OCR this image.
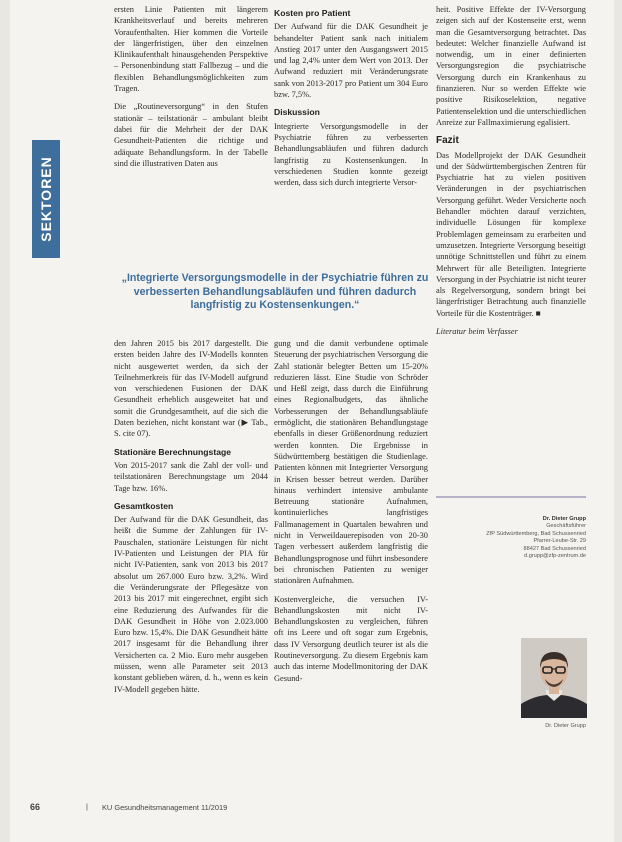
SEKTOREN

ersten Linie Patienten mit längerem Krankheitsverlauf und bereits mehreren Voraufenthalten. Hier kommen die Vorteile der längerfristigen, über den einzelnen Klinikaufenthalt hinausgehenden Perspektive – Personenbindung statt Fallbezug – und die flexiblen Behandlungsmöglichkeiten zum Tragen.

Die „Routineversorgung“ in den Stufen stationär – teilstationär – ambulant bleibt dabei für die Mehrheit der der DAK Gesundheit-Patienten die richtige und adäquate Behandlungsform. In der Tabelle sind die illustrativen Daten aus

Kosten pro Patient

Der Aufwand für die DAK Gesundheit je behandelter Patient sank nach initialem Anstieg 2017 unter den Ausgangswert 2015 und lag 2,4% unter dem Wert von 2013. Der Aufwand reduziert mit Veränderungsrate sank von 2013-2017 pro Patient um 304 Euro bzw. 7,5%.

Diskussion

Integrierte Versorgungsmodelle in der Psychiatrie führen zu verbesserten Behandlungsabläufen und führen dadurch langfristig zu Kostensenkungen. In verschiedenen Studien konnte gezeigt werden, dass sich durch integrierte Versor-

„Integrierte Versorgungsmodelle in der Psychiatrie führen zu verbesserten Behandlungsabläufen und führen dadurch langfristig zu Kostensenkungen.“

den Jahren 2015 bis 2017 dargestellt. Die ersten beiden Jahre des IV-Modells konnten nicht ausgewertet werden, da sich der Teilnehmerkreis für das IV-Modell aufgrund von verschiedenen Fusionen der DAK Gesundheit erheblich ausgeweitet hat und somit die Grundgesamtheit, auf die sich die Daten beziehen, nicht konstant war (▶ Tab., S. cite 07).

Stationäre Berechnungstage

Von 2015-2017 sank die Zahl der voll- und teilstationären Berechnungstage um 2044 Tage bzw. 16%.

Gesamtkosten

Der Aufwand für die DAK Gesundheit, das heißt die Summe der Zahlungen für IV-Pauschalen, stationäre Leistungen für nicht IV-Patienten und Leistungen der PIA für nicht IV-Patienten, sank von 2013 bis 2017 absolut um 267.000 Euro bzw. 3,2%. Wird die Veränderungsrate der Pflegesätze von 2013 bis 2017 mit eingerechnet, ergibt sich eine Reduzierung des Aufwandes für die DAK Gesundheit in Höhe von 2.023.000 Euro bzw. 15,4%. Die DAK Gesundheit hätte 2017 insgesamt für die Behandlung ihrer Versicherten ca. 2 Mio. Euro mehr ausgeben müssen, wenn alle Parameter seit 2013 konstant geblieben wären, d. h., wenn es kein IV-Modell gegeben hätte.

gung und die damit verbundene optimale Steuerung der psychiatrischen Versorgung die Zahl stationär belegter Betten um 15-20% reduzieren lässt. Eine Studie von Schröder und Heßl zeigt, dass durch die Einführung eines Regionalbudgets, das ähnliche Vorbesserungen der Behandlungsabläufe ermöglicht, die stationären Behandlungstage ebenfalls in dieser Größenordnung reduziert werden konnten. Die Ergebnisse in Südwürttemberg bestätigen die Studienlage. Patienten können mit Integrierter Versorgung in Krisen besser betreut werden. Darüber hinaus verhindert intensive ambulante Betreuung stationäre Aufnahmen, kontinuierliches langfristiges Fallmanagement in Quartalen bewahren und nicht in Verweildauerepisoden von 20-30 Tagen verbessert außerdem langfristig die Behandlungsprognose und führt insbesondere bei chronischen Patienten zu weniger stationären Aufnahmen.

Kostenvergleiche, die versuchen IV-Behandlungskosten mit nicht IV-Behandlungskosten zu vergleichen, führen oft ins Leere und oft sogar zum Ergebnis, dass IV Versorgung deutlich teurer ist als die Routineversorgung. Zu diesem Ergebnis kam auch das interne Modellmonitoring der DAK Gesund-

heit. Positive Effekte der IV-Versorgung zeigen sich auf der Kostenseite erst, wenn man die Gesamtversorgung betrachtet. Das bedeutet: Welcher finanzielle Aufwand ist notwendig, um in einer definierten Versorgungsregion die psychiatrische Versorgung durch ein Krankenhaus zu finanzieren. Nur so werden Effekte wie positive Risikoselektion, negative Patientenselektion und die unterschiedlichen Anreize zur Fallmaximierung egalisiert.

Fazit

Das Modellprojekt der DAK Gesundheit und der Südwürttembergischen Zentren für Psychiatrie hat zu vielen positiven Veränderungen in der psychiatrischen Versorgung geführt. Weder Versicherte noch Behandler möchten darauf verzichten, individuelle Lösungen für komplexe Problemlagen gemeinsam zu erarbeiten und umzusetzen. Integrierte Versorgung beseitigt unnötige Schnittstellen und führt zu einem Mehrwert für alle Beteiligten. Integrierte Versorgung in der Psychiatrie ist nicht teurer als Regelversorgung, sondern bringt bei längerfristiger Betrachtung auch finanzielle Vorteile für die Kostenträger. ■

Literatur beim Verfasser

Dr. Dieter Grupp
Geschäftsführer
ZfP Südwürttemberg, Bad Schussenried
Pfarrer-Leube-Str. 29
88427 Bad Schussenried
d.grupp@zfp-zentrum.de
Dr. Dieter Grupp
66	| KU Gesundheitsmanagement 11/2019
